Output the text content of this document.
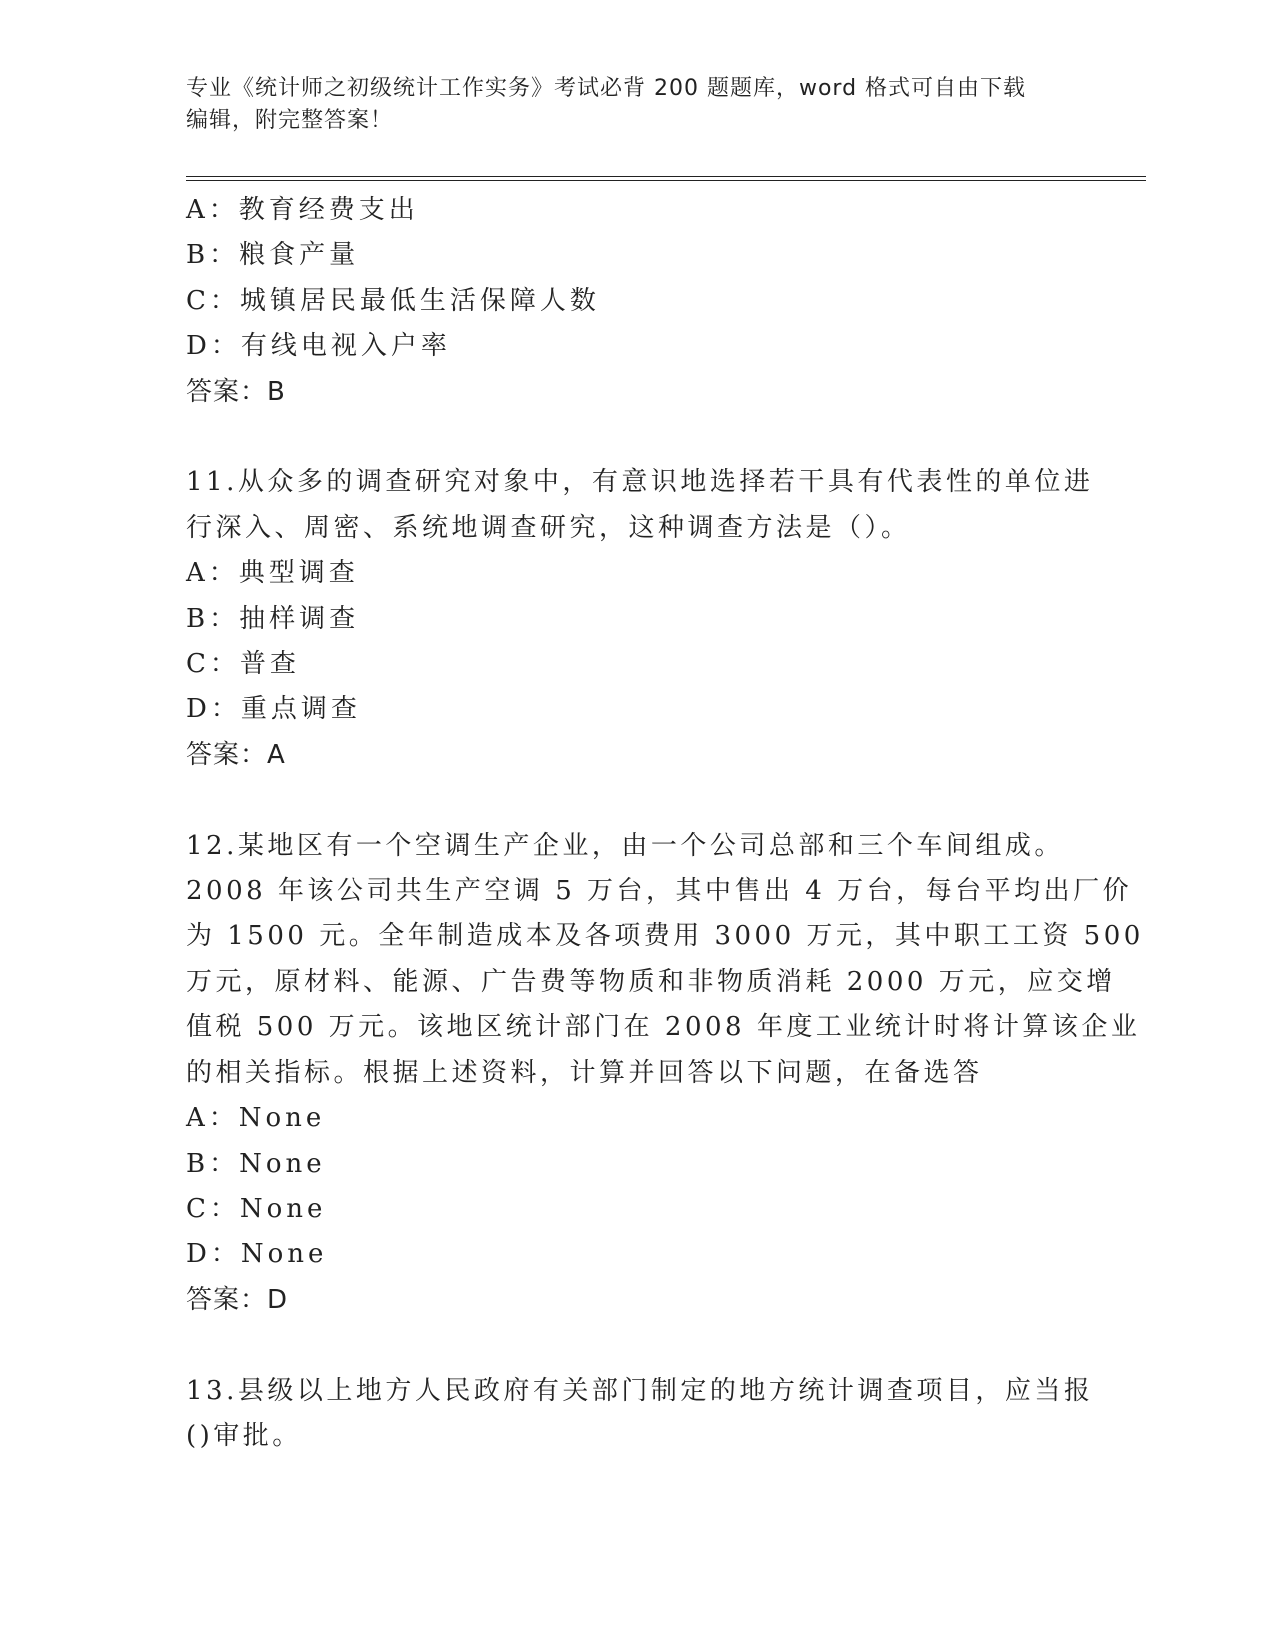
专业《统计师之初级统计工作实务》考试必背 200 题题库，word 格式可自由下载
编辑，附完整答案！
A：教育经费支出
B：粮食产量
C：城镇居民最低生活保障人数
D：有线电视入户率
答案：B
11.从众多的调查研究对象中，有意识地选择若干具有代表性的单位进
行深入、周密、系统地调查研究，这种调查方法是（）。
A：典型调查
B：抽样调查
C：普查
D：重点调查
答案：A
12.某地区有一个空调生产企业，由一个公司总部和三个车间组成。
2008 年该公司共生产空调 5 万台，其中售出 4 万台，每台平均出厂价
为 1500 元。全年制造成本及各项费用 3000 万元，其中职工工资 500
万元，原材料、能源、广告费等物质和非物质消耗 2000 万元，应交增
值税 500 万元。该地区统计部门在 2008 年度工业统计时将计算该企业
的相关指标。根据上述资料，计算并回答以下问题，在备选答
A：None
B：None
C：None
D：None
答案：D
13.县级以上地方人民政府有关部门制定的地方统计调查项目，应当报
()审批。
